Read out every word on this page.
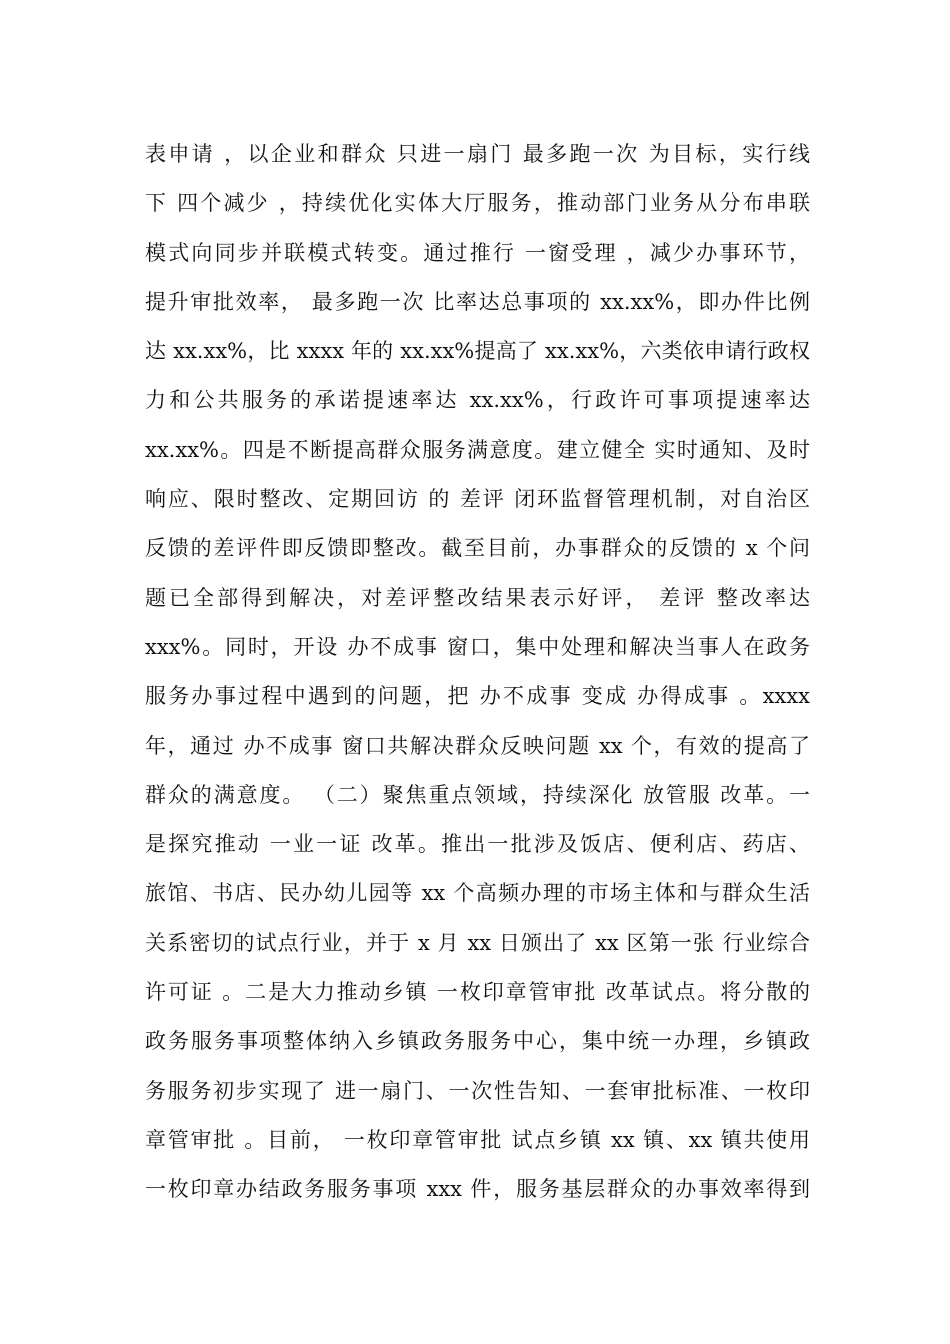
表申请 ，以企业和群众 只进一扇门 最多跑一次 为目标，实行线
下 四个减少 ，持续优化实体大厅服务，推动部门业务从分布串联
模式向同步并联模式转变。通过推行 一窗受理 ，减少办事环节，
提升审批效率， 最多跑一次 比率达总事项的 xx.xx%，即办件比例
达 xx.xx%，比 xxxx 年的 xx.xx%提高了 xx.xx%，六类依申请行政权
力和公共服务的承诺提速率达 xx.xx%，行政许可事项提速率达
xx.xx%。四是不断提高群众服务满意度。建立健全 实时通知、及时
响应、限时整改、定期回访 的 差评 闭环监督管理机制，对自治区
反馈的差评件即反馈即整改。截至目前，办事群众的反馈的 x 个问
题已全部得到解决，对差评整改结果表示好评， 差评 整改率达
xxx%。同时，开设 办不成事 窗口，集中处理和解决当事人在政务
服务办事过程中遇到的问题，把 办不成事 变成 办得成事 。xxxx
年，通过 办不成事 窗口共解决群众反映问题 xx 个，有效的提高了
群众的满意度。 （二）聚焦重点领域，持续深化 放管服 改革。一
是探究推动 一业一证 改革。推出一批涉及饭店、便利店、药店、
旅馆、书店、民办幼儿园等 xx 个高频办理的市场主体和与群众生活
关系密切的试点行业，并于 x 月 xx 日颁出了 xx 区第一张 行业综合
许可证 。二是大力推动乡镇 一枚印章管审批 改革试点。将分散的
政务服务事项整体纳入乡镇政务服务中心，集中统一办理，乡镇政
务服务初步实现了 进一扇门、一次性告知、一套审批标准、一枚印
章管审批 。目前， 一枚印章管审批 试点乡镇 xx 镇、xx 镇共使用
一枚印章办结政务服务事项 xxx 件，服务基层群众的办事效率得到
